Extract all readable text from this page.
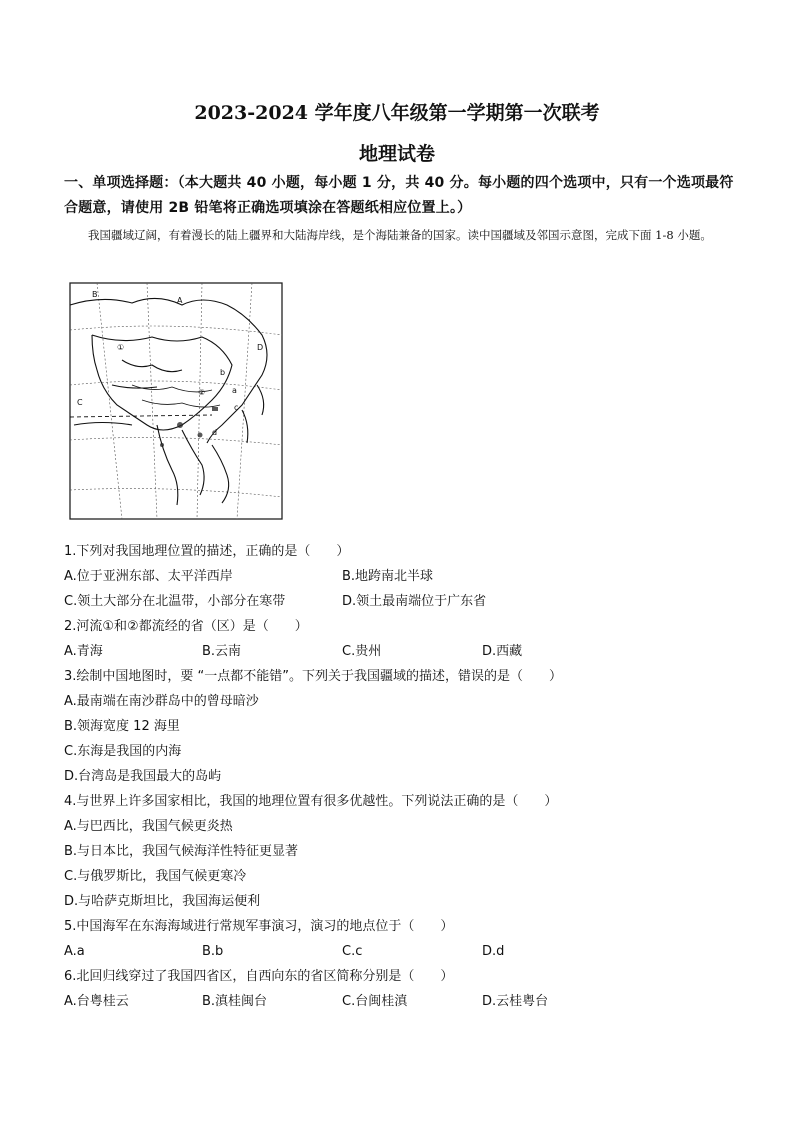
2023-2024 学年度八年级第一学期第一次联考
地理试卷
一、单项选择题：（本大题共 40 小题，每小题 1 分，共 40 分。每小题的四个选项中，只有一个选项最符合题意，请使用 2B 铅笔将正确选项填涂在答题纸相应位置上。）
我国疆域辽阔，有着漫长的陆上疆界和大陆海岸线，是个海陆兼备的国家。读中国疆域及邻国示意图，完成下面 1-8 小题。
A
B
C
D
a
b
c
d
①
②
1.下列对我国地理位置的描述，正确的是（　　）
A.位于亚洲东部、太平洋西岸	B.地跨南北半球
C.领土大部分在北温带，小部分在寒带	D.领土最南端位于广东省
2.河流①和②都流经的省（区）是（　　）
A.青海	B.云南	C.贵州	D.西藏
3.绘制中国地图时，要 “一点都不能错”。下列关于我国疆域的描述，错误的是（　　）
A.最南端在南沙群岛中的曾母暗沙
B.领海宽度 12 海里
C.东海是我国的内海
D.台湾岛是我国最大的岛屿
4.与世界上许多国家相比，我国的地理位置有很多优越性。下列说法正确的是（　　）
A.与巴西比，我国气候更炎热
B.与日本比，我国气候海洋性特征更显著
C.与俄罗斯比，我国气候更寒冷
D.与哈萨克斯坦比，我国海运便利
5.中国海军在东海海域进行常规军事演习，演习的地点位于（　　）
A.a	B.b	C.c	D.d
6.北回归线穿过了我国四省区，自西向东的省区简称分别是（　　）
A.台粤桂云	B.滇桂闽台	C.台闽桂滇	D.云桂粤台
